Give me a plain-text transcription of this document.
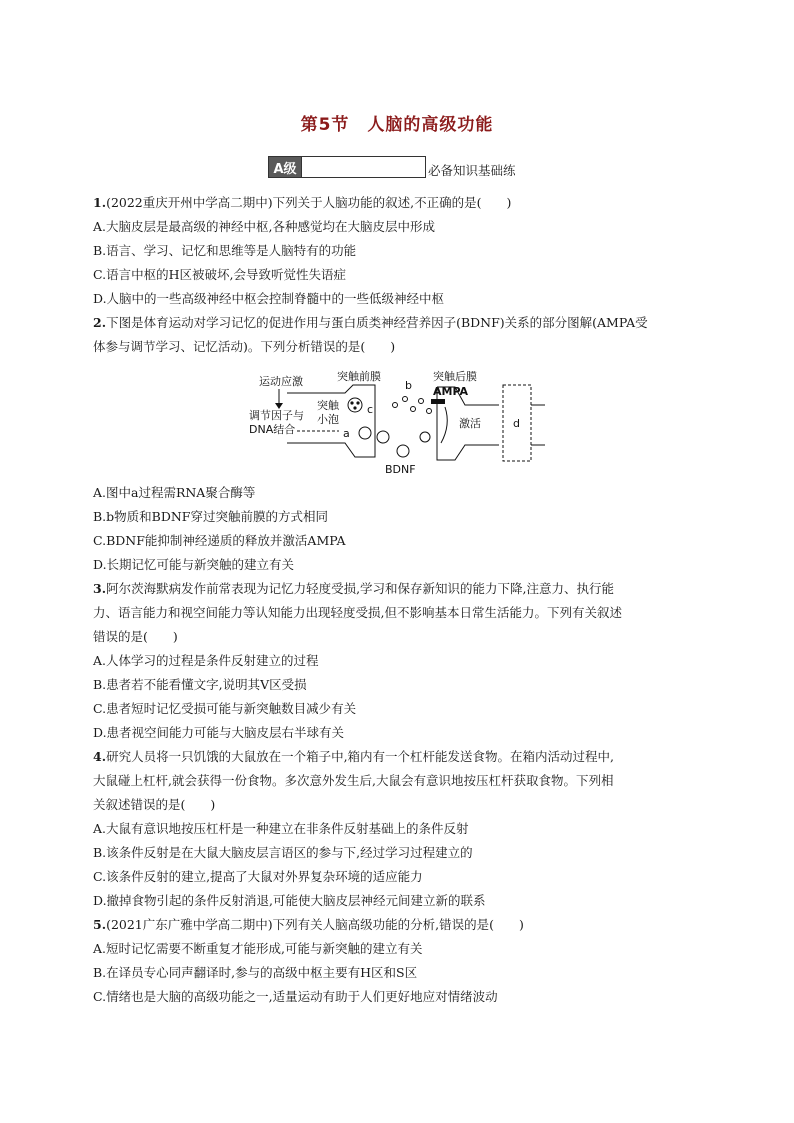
第5节　人脑的高级功能
A级	必备知识基础练
1.(2022重庆开州中学高二期中)下列关于人脑功能的叙述,不正确的是(　　)
A.大脑皮层是最高级的神经中枢,各种感觉均在大脑皮层中形成
B.语言、学习、记忆和思维等是人脑特有的功能
C.语言中枢的H区被破坏,会导致听觉性失语症
D.人脑中的一些高级神经中枢会控制脊髓中的一些低级神经中枢
2.下图是体育运动对学习记忆的促进作用与蛋白质类神经营养因子(BDNF)关系的部分图解(AMPA受
体参与调节学习、记忆活动)。下列分析错误的是(　　)
运动应激
调节因子与
DNA结合
突触前膜
突触
小泡
c
a
BDNF
b
突触后膜
AMPA
激活	d
A.图中a过程需RNA聚合酶等
B.b物质和BDNF穿过突触前膜的方式相同
C.BDNF能抑制神经递质的释放并激活AMPA
D.长期记忆可能与新突触的建立有关
3.阿尔茨海默病发作前常表现为记忆力轻度受损,学习和保存新知识的能力下降,注意力、执行能
力、语言能力和视空间能力等认知能力出现轻度受损,但不影响基本日常生活能力。下列有关叙述
错误的是(　　)
A.人体学习的过程是条件反射建立的过程
B.患者若不能看懂文字,说明其V区受损
C.患者短时记忆受损可能与新突触数目减少有关
D.患者视空间能力可能与大脑皮层右半球有关
4.研究人员将一只饥饿的大鼠放在一个箱子中,箱内有一个杠杆能发送食物。在箱内活动过程中,
大鼠碰上杠杆,就会获得一份食物。多次意外发生后,大鼠会有意识地按压杠杆获取食物。下列相
关叙述错误的是(　　)
A.大鼠有意识地按压杠杆是一种建立在非条件反射基础上的条件反射
B.该条件反射是在大鼠大脑皮层言语区的参与下,经过学习过程建立的
C.该条件反射的建立,提高了大鼠对外界复杂环境的适应能力
D.撤掉食物引起的条件反射消退,可能使大脑皮层神经元间建立新的联系
5.(2021广东广雅中学高二期中)下列有关人脑高级功能的分析,错误的是(　　)
A.短时记忆需要不断重复才能形成,可能与新突触的建立有关
B.在译员专心同声翻译时,参与的高级中枢主要有H区和S区
C.情绪也是大脑的高级功能之一,适量运动有助于人们更好地应对情绪波动
